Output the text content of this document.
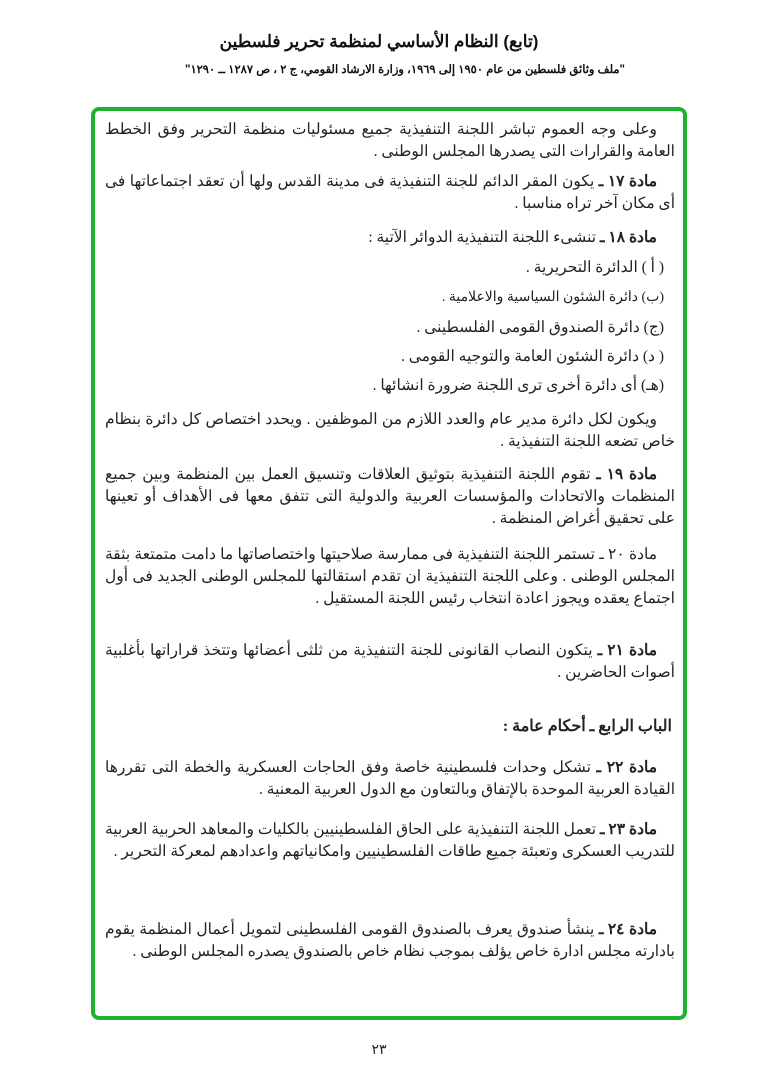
(تابع) النظام الأساسي لمنظمة تحرير فلسطين
"ملف وثائق فلسطين من عام ١٩٥٠ إلى ١٩٦٩، وزارة الارشاد القومي، ج ٢ ، ص ١٢٨٧ ــ ١٢٩٠"
وعلى وجه العموم تباشر اللجنة التنفيذية جميع مسئوليات منظمة التحرير وفق الخطط العامة والقرارات التى يصدرها المجلس الوطنى .
مادة ١٧ ـ يكون المقر الدائم للجنة التنفيذية فى مدينة القدس ولها أن تعقد اجتماعاتها فى أى مكان آخر تراه مناسبا .
مادة ١٨ ـ تنشىء اللجنة التنفيذية الدوائر الآتية :
( أ ) الدائرة التحريرية .
(ب) دائرة الشئون السياسية والاعلامية .
(ج) دائرة الصندوق القومى الفلسطينى .
( د) دائرة الشئون العامة والتوجيه القومى .
(هـ) أى دائرة أخرى ترى اللجنة ضرورة انشائها .
ويكون لكل دائرة مدير عام والعدد اللازم من الموظفين . ويحدد اختصاص كل دائرة بنظام خاص تضعه اللجنة التنفيذية .
مادة ١٩ ـ تقوم اللجنة التنفيذية بتوثيق العلاقات وتنسيق العمل بين المنظمة وبين جميع المنظمات والاتحادات والمؤسسات العربية والدولية التى تتفق معها فى الأهداف أو تعينها على تحقيق أغراض المنظمة .
مادة ٢٠ ـ تستمر اللجنة التنفيذية فى ممارسة صلاحيتها واختصاصاتها ما دامت متمتعة بثقة المجلس الوطنى . وعلى اللجنة التنفيذية ان تقدم استقالتها للمجلس الوطنى الجديد فى أول اجتماع يعقده ويجوز اعادة انتخاب رئيس اللجنة المستقيل .
مادة ٢١ ـ يتكون النصاب القانونى للجنة التنفيذية من ثلثى أعضائها وتتخذ قراراتها بأغلبية أصوات الحاضرين .
الباب الرابع ـ أحكام عامة :
مادة ٢٢ ـ تشكل وحدات فلسطينية خاصة وفق الحاجات العسكرية والخطة التى تقررها القيادة العربية الموحدة بالإتفاق وبالتعاون مع الدول العربية المعنية .
مادة ٢٣ ـ تعمل اللجنة التنفيذية على الحاق الفلسطينيين بالكليات والمعاهد الحربية العربية للتدريب العسكرى وتعبئة جميع طاقات الفلسطينيين وامكانياتهم واعدادهم لمعركة التحرير .
مادة ٢٤ ـ ينشأ صندوق يعرف بالصندوق القومى الفلسطينى لتمويل أعمال المنظمة يقوم بادارته مجلس ادارة خاص يؤلف بموجب نظام خاص بالصندوق يصدره المجلس الوطنى .
٢٣
